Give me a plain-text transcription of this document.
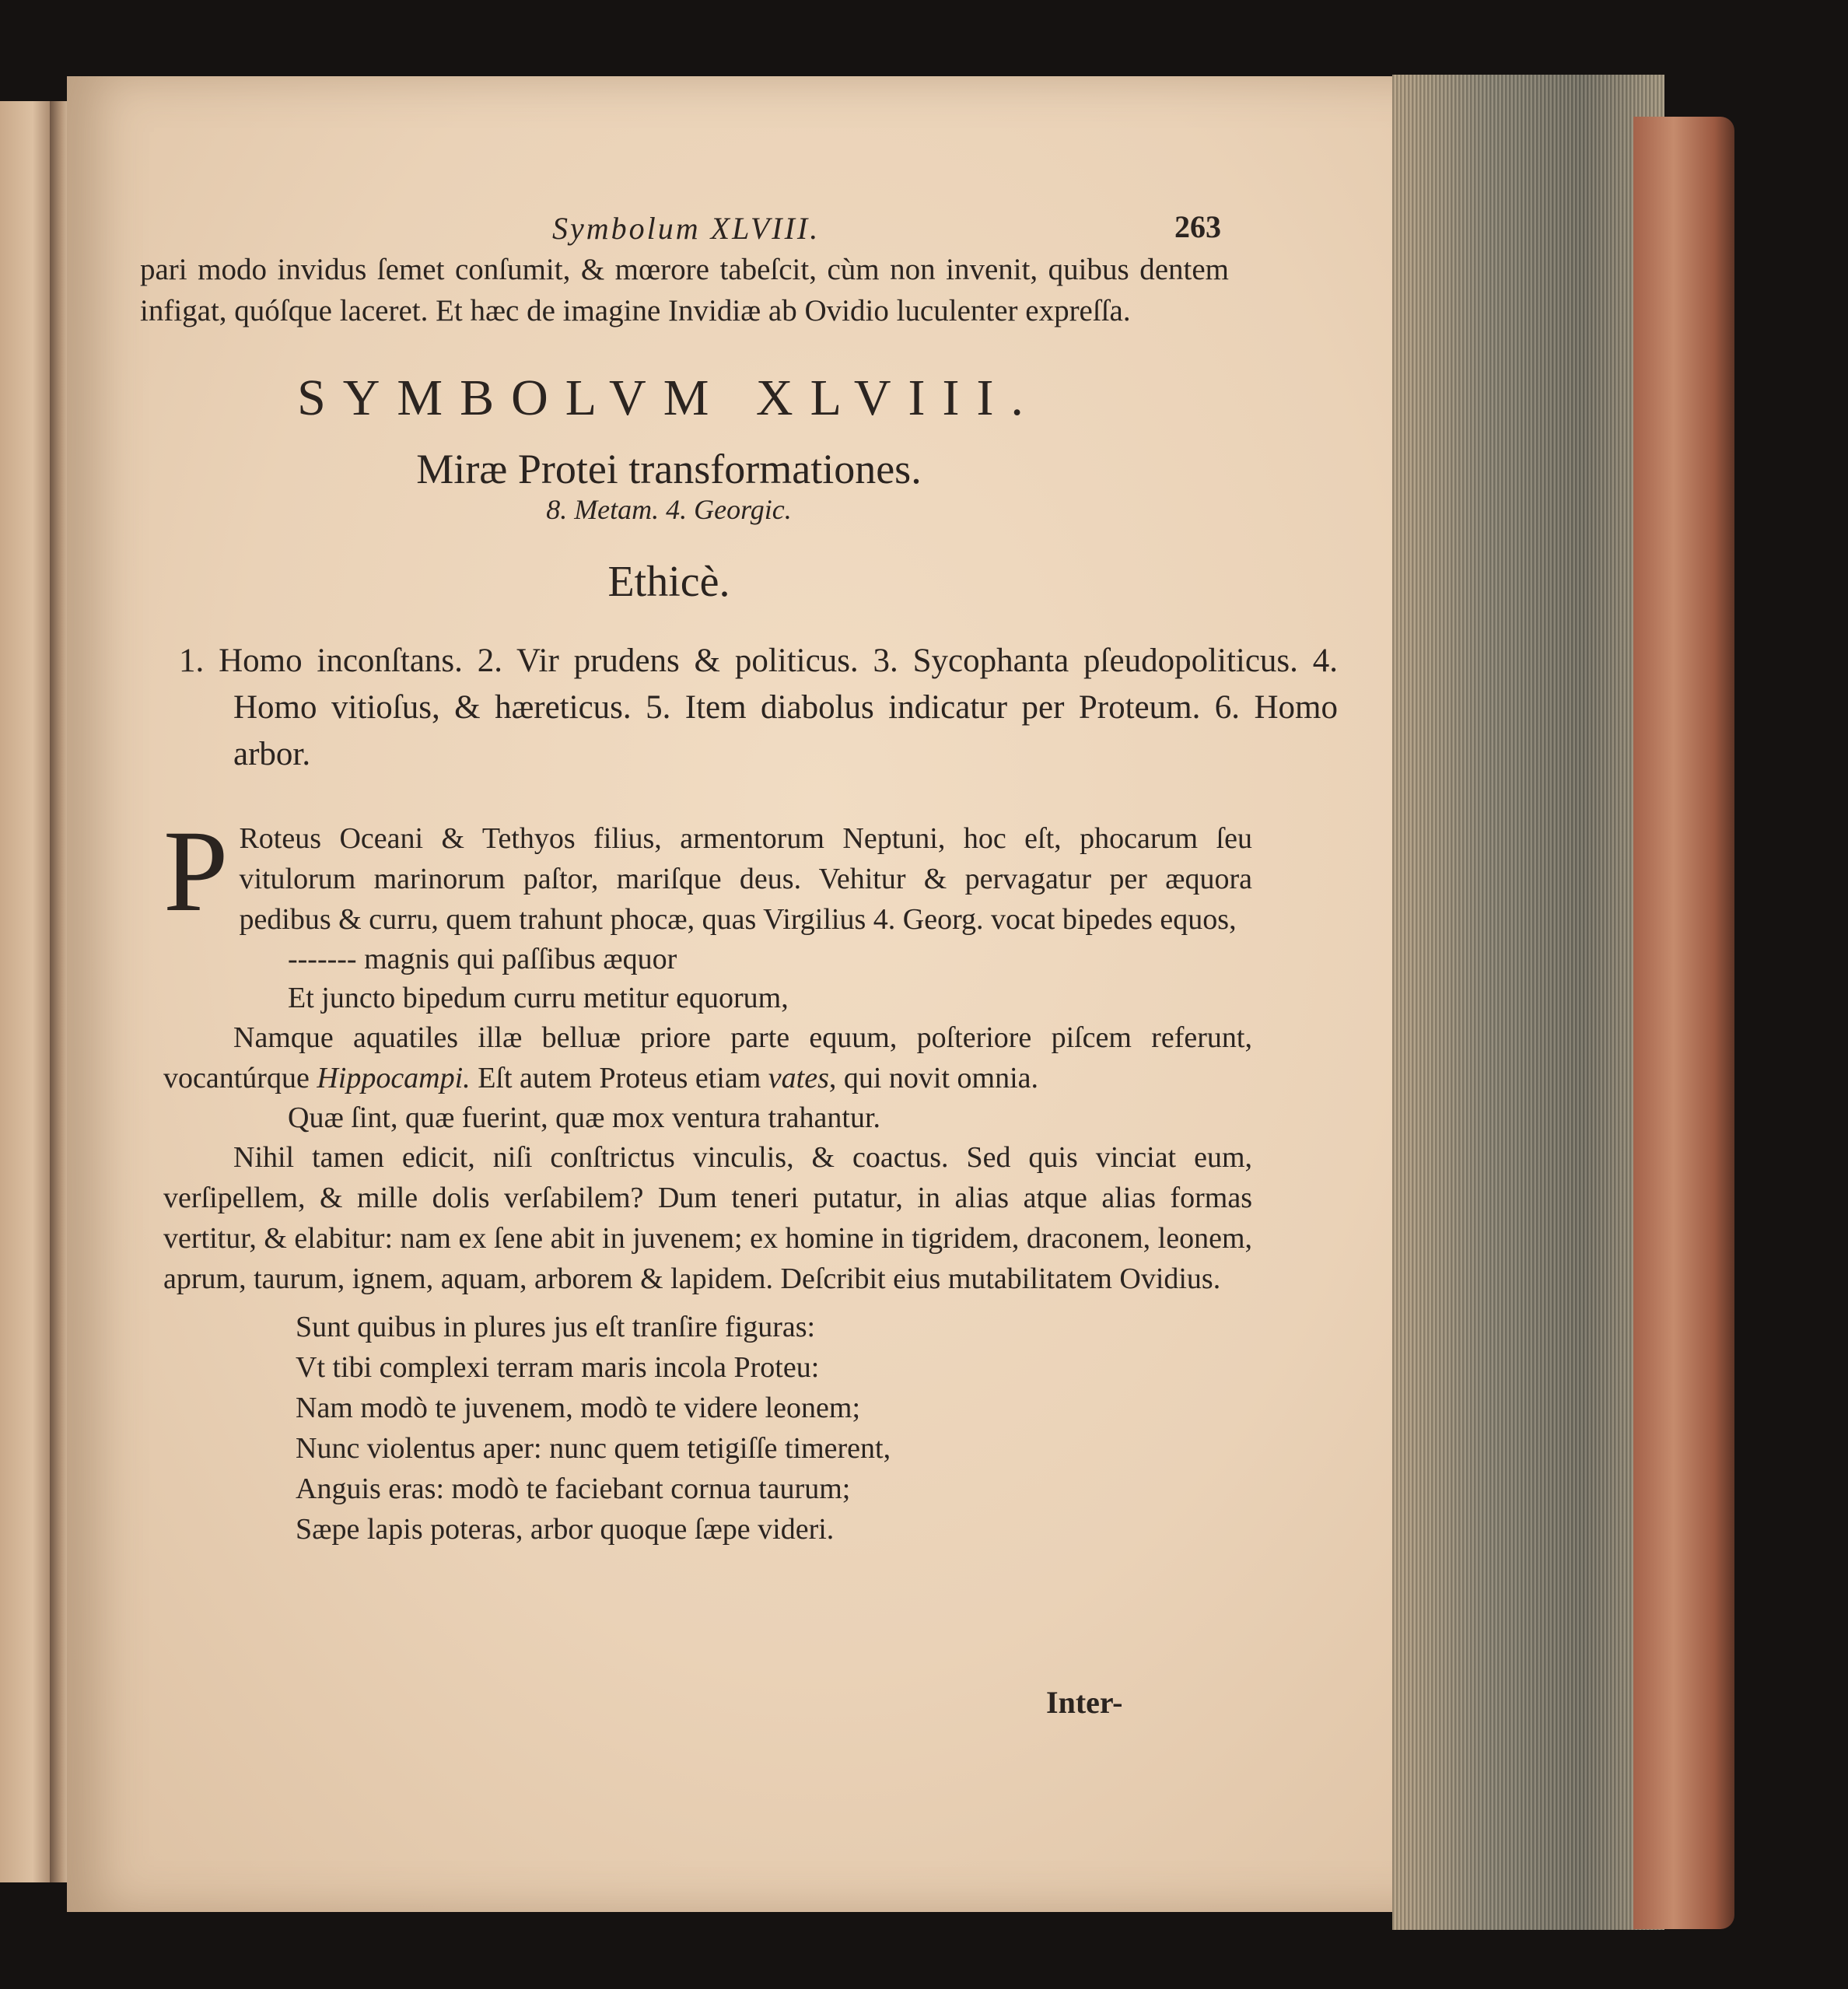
Symbolum XLVIII.	263

pari modo invidus ſemet conſumit, & mœrore tabeſcit, cùm non invenit, quibus dentem infigat, quóſque laceret. Et hæc de imagine Invidiæ ab Ovidio luculenter expreſſa.

SYMBOLVM XLVIII.
Miræ Protei transformationes.
8. Metam. 4. Georgic.
Ethicè.
1. Homo inconſtans. 2. Vir prudens & politicus. 3. Sycophanta pſeudopoliticus. 4. Homo vitioſus, & hæreticus. 5. Item diabolus indicatur per Proteum. 6. Homo arbor.
P Roteus Oceani & Tethyos filius, armentorum Neptuni, hoc eſt, phocarum ſeu vitulorum marinorum paſtor, mariſque deus. Vehitur & pervagatur per æquora pedibus & curru, quem trahunt phocæ, quas Virgilius 4. Georg. vocat bipedes equos,

------- magnis qui paſſibus æquor

Et juncto bipedum curru metitur equorum,

Namque aquatiles illæ belluæ priore parte equum, poſteriore piſcem referunt, vocantúrque Hippocampi. Eſt autem Proteus etiam vates, qui novit omnia.

Quæ ſint, quæ fuerint, quæ mox ventura trahantur.

Nihil tamen edicit, niſi conſtrictus vinculis, & coactus. Sed quis vinciat eum, verſipellem, & mille dolis verſabilem? Dum teneri putatur, in alias atque alias formas vertitur, & elabitur: nam ex ſene abit in juvenem; ex homine in tigridem, draconem, leonem, aprum, taurum, ignem, aquam, arborem & lapidem. Deſcribit eius mutabilitatem Ovidius.

Sunt quibus in plures jus eſt tranſire figuras:

Vt tibi complexi terram maris incola Proteu:

Nam modò te juvenem, modò te videre leonem;

Nunc violentus aper: nunc quem tetigiſſe timerent,

Anguis eras: modò te faciebant cornua taurum;

Sæpe lapis poteras, arbor quoque ſæpe videri.

Inter-
